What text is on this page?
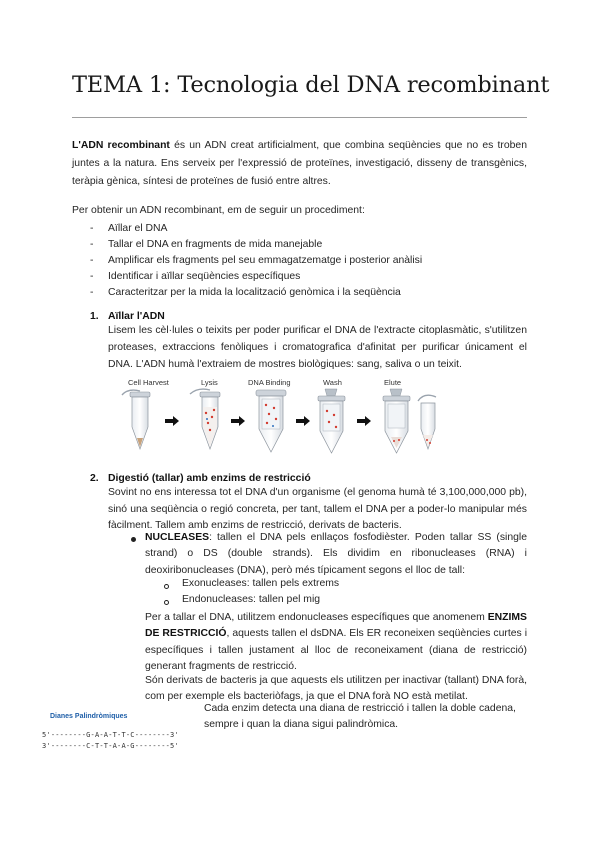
TEMA 1: Tecnologia del DNA recombinant
L'ADN recombinant és un ADN creat artificialment, que combina seqüències que no es troben juntes a la natura. Ens serveix per l'expressió de proteïnes, investigació, disseny de transgènics, teràpia gènica, síntesi de proteïnes de fusió entre altres.
Per obtenir un ADN recombinant, em de seguir un procediment:
- Aïllar el DNA
- Tallar el DNA en fragments de mida manejable
- Amplificar els fragments pel seu emmagatzematge i posterior anàlisi
- Identificar i aïllar seqüències específiques
- Caracteritzar per la mida la localització genòmica i la seqüència
1. Aïllar l'ADN
Lisem les cèl·lules o teixits per poder purificar el DNA de l'extracte citoplasmàtic, s'utilitzen proteases, extraccions fenòliques i cromatografica d'afinitat per purificar únicament el DNA. L'ADN humà l'extraiem de mostres biològiques: sang, saliva o un teixit.
Cell Harvest	Lysis	DNA Binding	Wash	Elute
2. Digestió (tallar) amb enzims de restricció
Sovint no ens interessa tot el DNA d'un organisme (el genoma humà té 3,100,000,000 pb), sinó una seqüència o regió concreta, per tant, tallem el DNA per a poder-lo manipular més fàcilment. Tallem amb enzims de restricció, derivats de bacteris.
NUCLEASES: tallen el DNA pels enllaços fosfodièster. Poden tallar SS (single strand) o DS (double strands). Els dividim en ribonucleases (RNA) i deoxiribonucleases (DNA), però més típicament segons el lloc de tall:
Exonucleases: tallen pels extrems
Endonucleases: tallen pel mig
Per a tallar el DNA, utilitzem endonucleases específiques que anomenem ENZIMS DE RESTRICCIÓ, aquests tallen el dsDNA. Els ER reconeixen seqüències curtes i específiques i tallen justament al lloc de reconeixament (diana de restricció) generant fragments de restricció.
Són derivats de bacteris ja que aquests els utilitzen per inactivar (tallant) DNA forà, com per exemple els bacteriòfags, ja que el DNA forà NO està metilat.
Cada enzim detecta una diana de restricció i tallen la doble cadena,
sempre i quan la diana sigui palindròmica.
Dianes Palindròmiques
5'--------G-A-A-T-T-C--------3'
3'--------C-T-T-A-A-G--------5'
